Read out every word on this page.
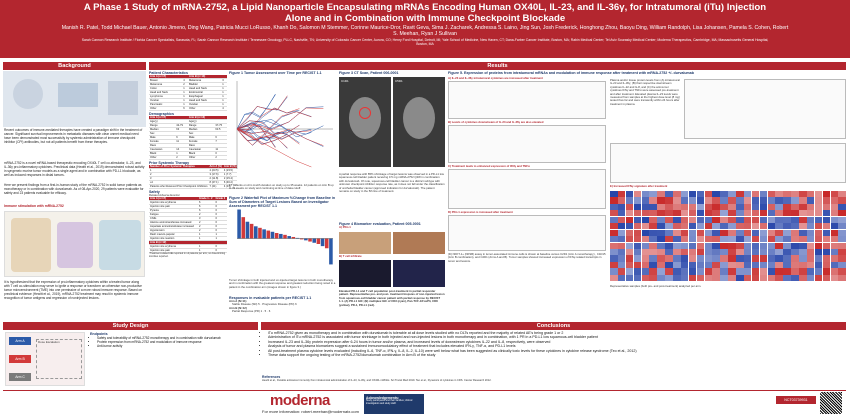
A Phase 1 Study of mRNA-2752, a Lipid Nanoparticle Encapsulating mRNAs Encoding Human OX40L, IL-23, and IL-36γ, for Intratumoral (iTu) Injection
Alone and in Combination with Immune Checkpoint Blockade
Manish R. Patel, Todd Michael Bauer, Antonio Jimeno, Ding Wang, Patricia Mucci LoRusso, Khanh Do, Salomon M Stemmer, Corinne Maurice-Dror, Ravit Geva, Sima J. Zacharek, Andressa S. Laino, Jing Sun, Josh Frederick, Honghong Zhou, Baoyu Ding, William Randolph, Lisa Johansen, Pamela S. Cohen, Robert S. Meehan, Ryan J Sullivan
Sarah Cannon Research Institute / Florida Cancer Specialists, Sarasota, FL; Sarah Cannon Research Institute / Tennessee Oncology, PLLC, Nashville, TN; University of Colorado Cancer Center, Aurora, CO; Henry Ford Hospital, Detroit, MI; Yale School of Medicine, New Haven, CT; Dana-Farber Cancer Institute, Boston, MA; Rabin Medical Center; Tel Aviv Sourasky Medical Center; Moderna Therapeutics, Cambridge, MA; Massachusetts General Hospital, Boston, MA
Background
Recent outcomes of immune-mediated therapies have created a paradigm shift in the treatment of cancer. Significant survival improvements in metastatic diseases with clear unmet medical need have been demonstrated most successfully by systemic administration of immune checkpoint inhibitor (CPI) antibodies, but not all patients benefit from these therapies.
mRNA-2752 is a novel mRNA-based therapeutic encoding OX40L T cell co-stimulator, IL-23, and IL-36γ pro-inflammatory cytokines. Preclinical data (Hewitt et al., 2019) demonstrated robust activity in syngeneic murine tumor models as a single agent and in combination with PD-L1 blockade, as well as induced responses in distal tumors.
Here we present findings from a first-in-human study of the mRNA-2752 in solid tumor patients as monotherapy or in combination with durvalumab. As of 08-Apr-2020, 29 patients were evaluable for safety and 23 patients evaluable for efficacy.
Immune stimulation with mRNA-2752
It is hypothesized that the expression of pro-inflammatory cytokines within a treated tumor along with T cell co-stimulation may serve to ignite a response or transform an otherwise non-productive tumor microenvironment (TME) into one permissive of a more robust immune response. Based on preclinical evidence (Hewitt et al., 2019), mRNA-2752 treatment may result in systemic immune recognition of tumor antigens and regression of noninjected lesions.
Study Design
Arm A
Arm B
Arm C
Dose Escalation
Endpoints
• Safety and tolerability of mRNA-2752 monotherapy and in combination with durvalumab
• Protein expression from mRNA-2752 and modulation of immune response
• Anti-tumor activity
Results
Patient Characteristics
Arm A (n=17)		Arm B (n=13)	
Breast	4	Melanoma	3
Melanoma	2	Bladder	1
Colon	1	Head and Neck	1
Head and Neck	1	Endometrial	1
Lymphoma	1	Esophageal	1
Ovarian	1	Head and Neck	1
Pancreatic	1	Ovarian	1
Other	6	Other	4
Demographics
Arm A (n=17)		Arm B (n=13)	
Age(y)		Age(y)	
Range	42-79	Range	37-75
Median	63	Median	63.5
Sex		Sex	
Male	6	Male	6
Female	11	Female	7
Race		Race	
Caucasian	14	Caucasian	11
Black	1	Black	0
Other	2	Other	2
Prior Systemic Therapy
Number of Prior Systemic Therapies	Arm A (%)	Arm B (%)
1	4 (23.5)	4 (23.5)
2	3 (17.6)	1 (7.7)
3	2 (11.8)	2 (15.4)
≥4	8 (47.1)	6 (46.2)
Patients who Received Prior Checkpoint Inhibitors	7 (41)	4 (31)
Safety
Related Adverse Events¹
Arm A (n=17)	Grade 1 - 2	Grade 3
Injection site erythema	6	0
Injection site pain	6	0
Pyrexia	6	0
Fatigue	2	0
Chills	3	0
Alanine aminotransferase increased	2	0
Aspartate aminotransferase increased	2	0
Hypotension	2	0
Rash maculo-papular	1	1
Injection site reaction	1	1
Arm B (n=12)		
Injection site erythema	1	0
Injection site pain	1	0
¹Treatment-related AEs reported in ≥2 patients per arm; no dose-limiting toxicities reported.
Figure 1 Tumor Assessment over Time per RECIST 1.1
17 patients on Arm A with duration on study up to 35 weeks. 12 patients on Arm B up to 39 weeks on study and continuing at time of data cutoff.
Figure 2 Waterfall Plot of Maximum %Change from Baseline in Sum of Diameters of Target Lesions Based on Investigator Assessment per RECIST 1.1
Tumor shrinkage in both injected and un-injected target lesions in both monotherapy and in combination with the greatest response and greatest reduction being noted in a patient in the combination arm (images shown in figure 3.)
Responses in evaluable patients per RECIST 1.1
Arm A (N=11)
Stable Disease (SD) 5 · Progressive Disease (PD) 6
Arm B (N=12)
Partial Response (PR) 1 · 5 · 6
Figure 3 CT Scan, Patient 006-0001
C1D1	C5D1
A partial response with 85% shrinkage of target lesions was observed in a PD-L1 low squamous cell bladder patient receiving 0.5 mg mRNA-2752 Q2W in combination with durvalumab. Of note, squamous-cell bladder cancer is a distinct subtype with unknown checkpoint inhibitor response rate, as it does not fall under the classification of urothelial bladder cancer (approved indication for durvalumab). The patient remains on study in the 5th line of treatment.
Figure 4 Biomarker evaluation, Patient 005-0001
A) PD-L1
B) T cell infiltrate
Elevated PD-L1 and T cell population post-treatment in partial responder patient. Representative pre- and post- treatment biopsies of non-injected lesion from squamous-cell bladder cancer patient with partial response by RECIST 1.1. (A) PD-L1 IHC; (B) multiplex IHC of CD3 (cyan), Pan-TCF-1/FoxP3, CD8 (yellow), PD-1, PD-L1 (red).
Figure 5. Expression of proteins from intratumoral mRNAs and modulation of immune response after treatment with mRNA-2752 +/- durvalumab
A) IL-23 and IL-36γ intratumoral cytokines are increased after treatment
B) Levels of cytokines downstream of IL-23 and IL-36γ are also elevated
C) Treatment leads to enhanced expression of IFNγ and TNFα
D) PD-L1 expression is increased after treatment
(D) NFKT-1+ (NFSB) assay in tumor-associated immune cells is shown at baseline versus C2D1 (Arm A monotherapy) , C1D15 (Arm B combination), and C2D1 (Arms A and B). Tumor samples showed increased expression of IFNγ-related transcripts in tumor and lesions.
Plasma and/or tissue protein levels from (A) intratumoral IL-23 and IL-36γ, (B) their respective downstream cytokines IL-22 and IL-8, and (C) the anti-tumor cytokines IFNγ and TNFα were assessed pre-treatment and after treatment. Elevated plasma IL-23 levels were measured from samples at the highest dose level (8 mg) tested thus far and were transiently within 24 hours after treatment in plasma.
E) Increased IFNγ-signature after treatment
Representative samples (both pre- and post-treatment) analyzed per arm.
Conclusions
• iTu mRNA-2752 given as monotherapy and in combination with durvalumab is tolerable at all dose levels studied with no DLTs reported and the majority of related AE's being grade 1 or 2
• Administration of iTu mRNA-2752 is associated with tumor shrinkage in both injected and non-injected lesions in both monotherapy and in combination, with 1 PR in a PD-L1 low squamous-cell bladder patient
• Increased IL-23 and IL-36γ protein expression after 6-24 hours in tumor and/or plasma, and increased levels of downstream cytokines IL-22 and IL-8, respectively, were observed
• Analysis of tumor and plasma biomarkers suggest a sustained immunomodulatory effect of treatment that includes elevated IFN-γ, TNF-α, and PD-L1 levels
• All post-treatment plasma cytokine levels evaluated (including IL-6, TNF-α, IFN-γ, IL-8, IL-2, IL-10) were well below what has been suggested as clinically toxic levels for these cytokines in cytokine release syndrome (Teo et al., 2012)
• These data support the ongoing testing of the mRNA-2752/durvalumab combination in Arm B of the study
References
Hewitt et al., Durable anticancer immunity from intratumoral administration of IL-23, IL-36γ, and OX40L mRNAs. Sci Transl Med 2019. Teo et al., Dynamics of cytokines in CRS. Cancer Research 2012.
moderna
For more information: robert.meehan@modernatx.com
Acknowledgements:
Study participants and their families; clinical investigators and study staff.
NCT03739931
